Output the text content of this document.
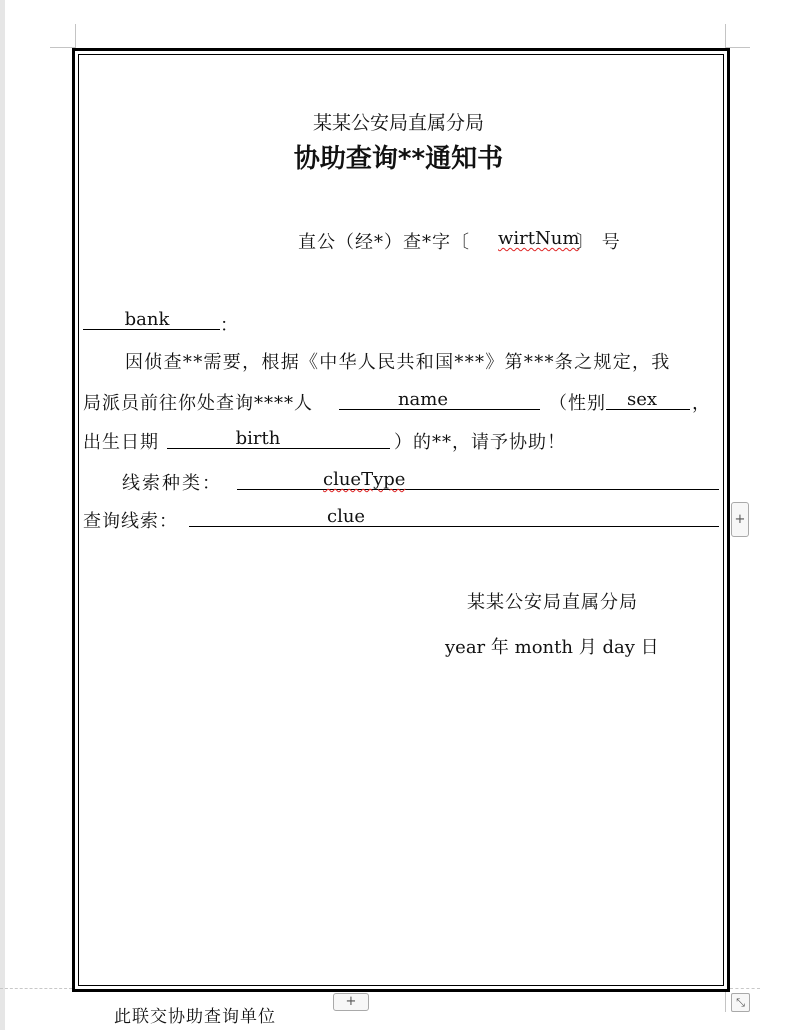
某某公安局直属分局
协助查询**通知书
直公（经*）查*字〔 wirtNum
〕 号
bank	：
因侦查**需要，根据《中华人民共和国***》第***条之规定，我
局派员前往你处查询****人	name	（性别	sex	，
出生日期	birth	）的**，请予协助！
线索种类：	clueType
查询线索：	clue
某某公安局直属分局
year 年 month 月 day 日
+
+	⤡
此联交协助查询单位
